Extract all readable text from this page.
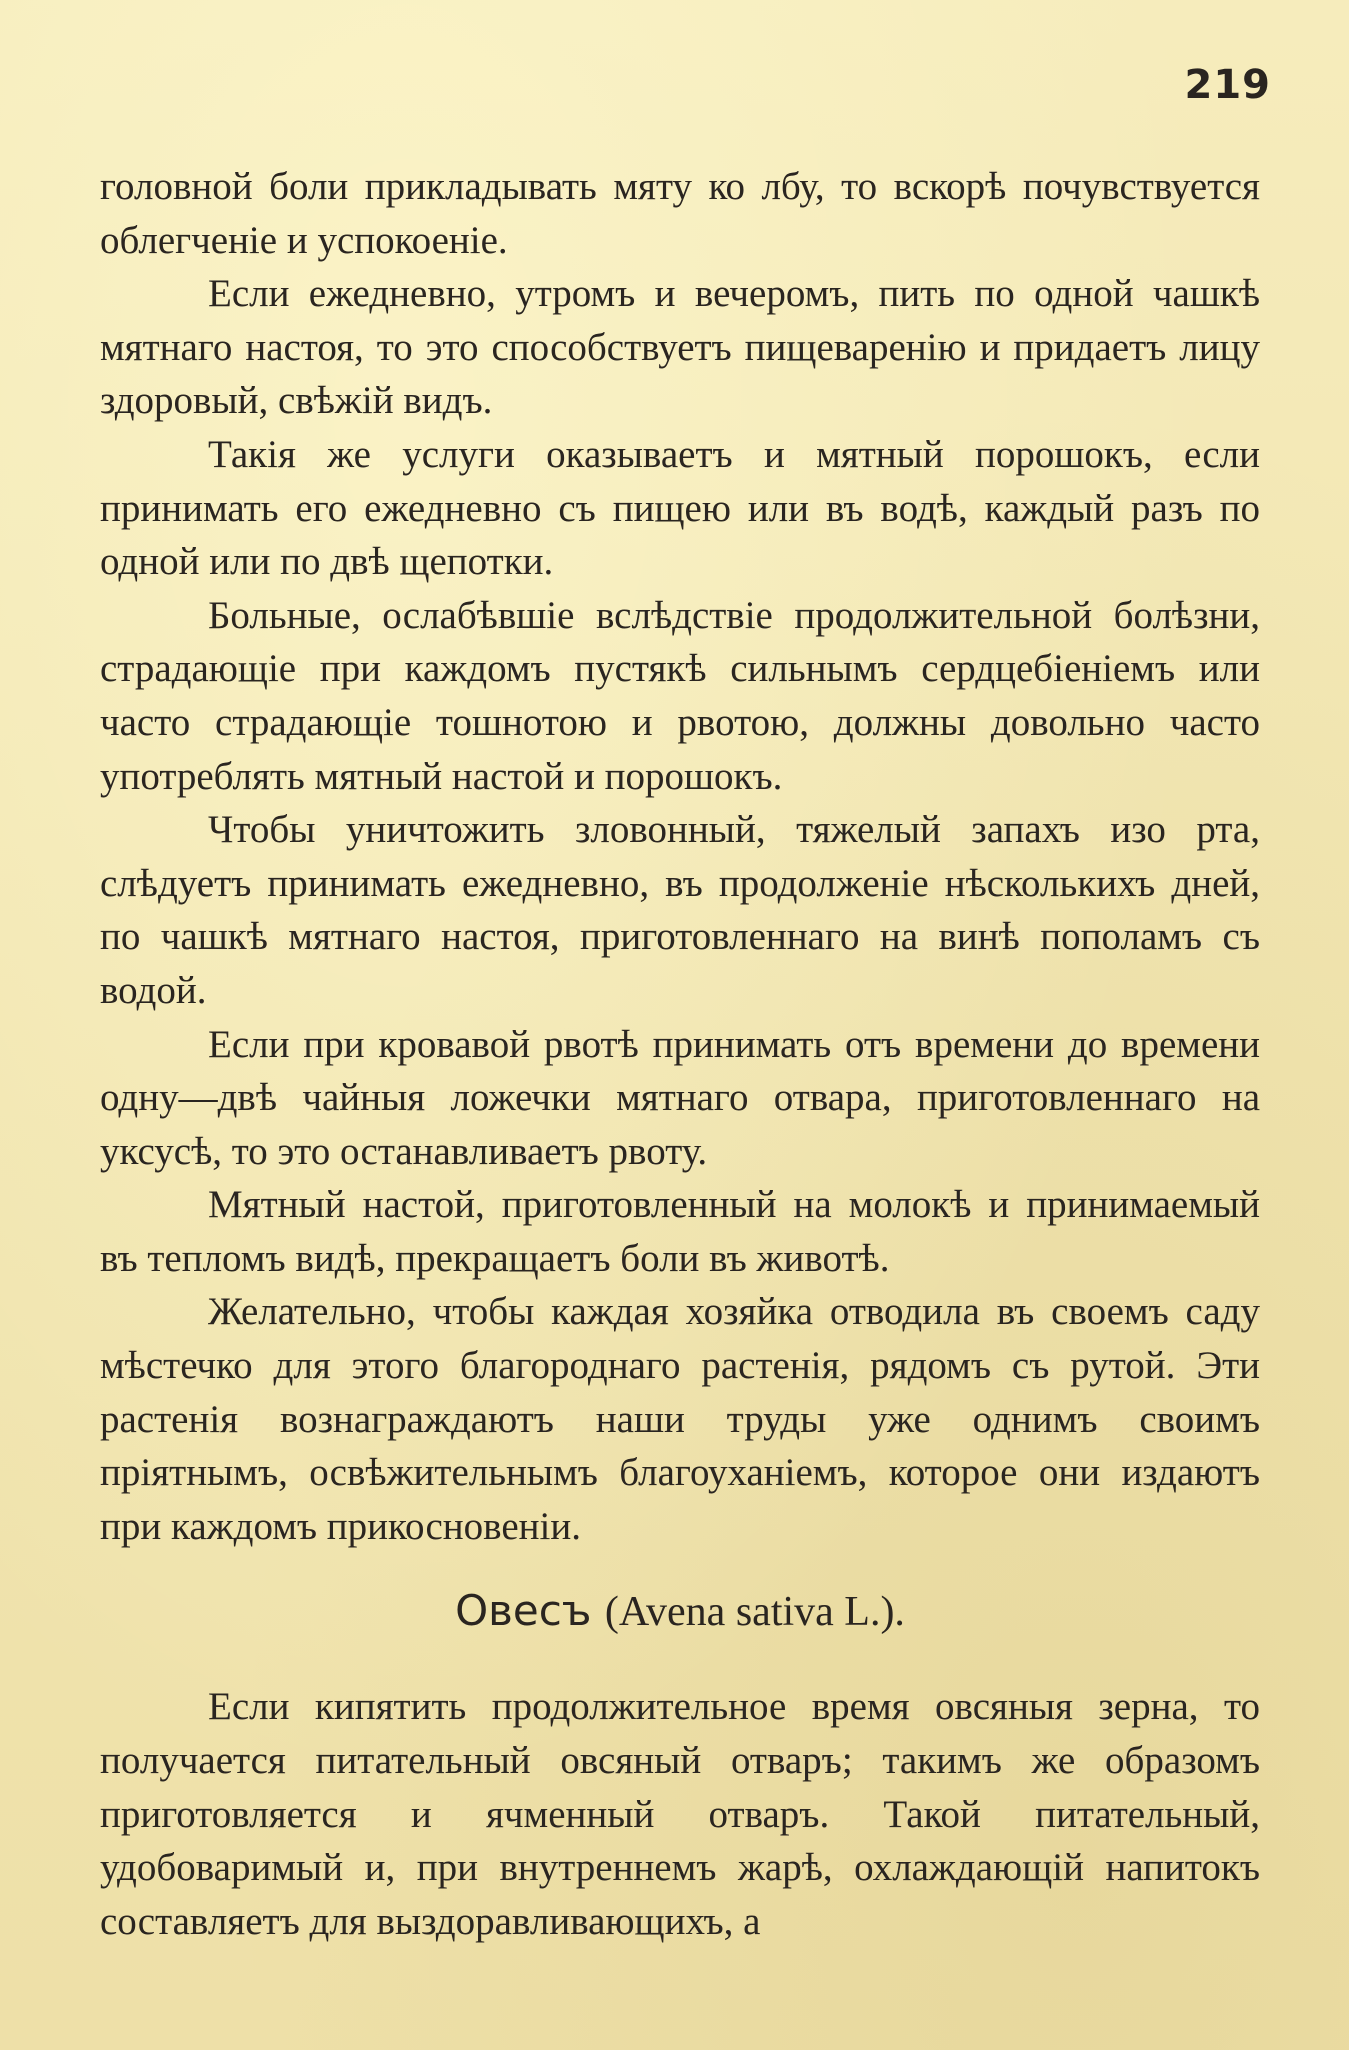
219

головной боли прикладывать мяту ко лбу, то вскорѣ почувствуется облегченіе и успокоеніе.

Если ежедневно, утромъ и вечеромъ, пить по одной чашкѣ мятнаго настоя, то это способствуетъ пищеваренію и придаетъ лицу здоровый, свѣжій видъ.

Такія же услуги оказываетъ и мятный порошокъ, если принимать его ежедневно съ пищею или въ водѣ, каждый разъ по одной или по двѣ щепотки.

Больные, ослабѣвшіе вслѣдствіе продолжительной болѣзни, страдающіе при каждомъ пустякѣ сильнымъ сердцебіеніемъ или часто страдающіе тошнотою и рвотою, должны довольно часто употреблять мятный настой и порошокъ.

Чтобы уничтожить зловонный, тяжелый запахъ изо рта, слѣдуетъ принимать ежедневно, въ продолженіе нѣсколькихъ дней, по чашкѣ мятнаго настоя, приготовленнаго на винѣ пополамъ съ водой.

Если при кровавой рвотѣ принимать отъ времени до времени одну—двѣ чайныя ложечки мятнаго отвара, приготовленнаго на уксусѣ, то это останавливаетъ рвоту.

Мятный настой, приготовленный на молокѣ и принимаемый въ тепломъ видѣ, прекращаетъ боли въ животѣ.

Желательно, чтобы каждая хозяйка отводила въ своемъ саду мѣстечко для этого благороднаго растенія, рядомъ съ рутой. Эти растенія вознаграждаютъ наши труды уже однимъ своимъ пріятнымъ, освѣжительнымъ благоуханіемъ, которое они издаютъ при каждомъ прикосновеніи.

Овесъ (Avena sativa L.).

Если кипятить продолжительное время овсяныя зерна, то получается питательный овсяный отваръ; такимъ же образомъ приготовляется и ячменный отваръ. Такой питательный, удобоваримый и, при внутреннемъ жарѣ, охлаждающій напитокъ составляетъ для выздоравливающихъ, а
